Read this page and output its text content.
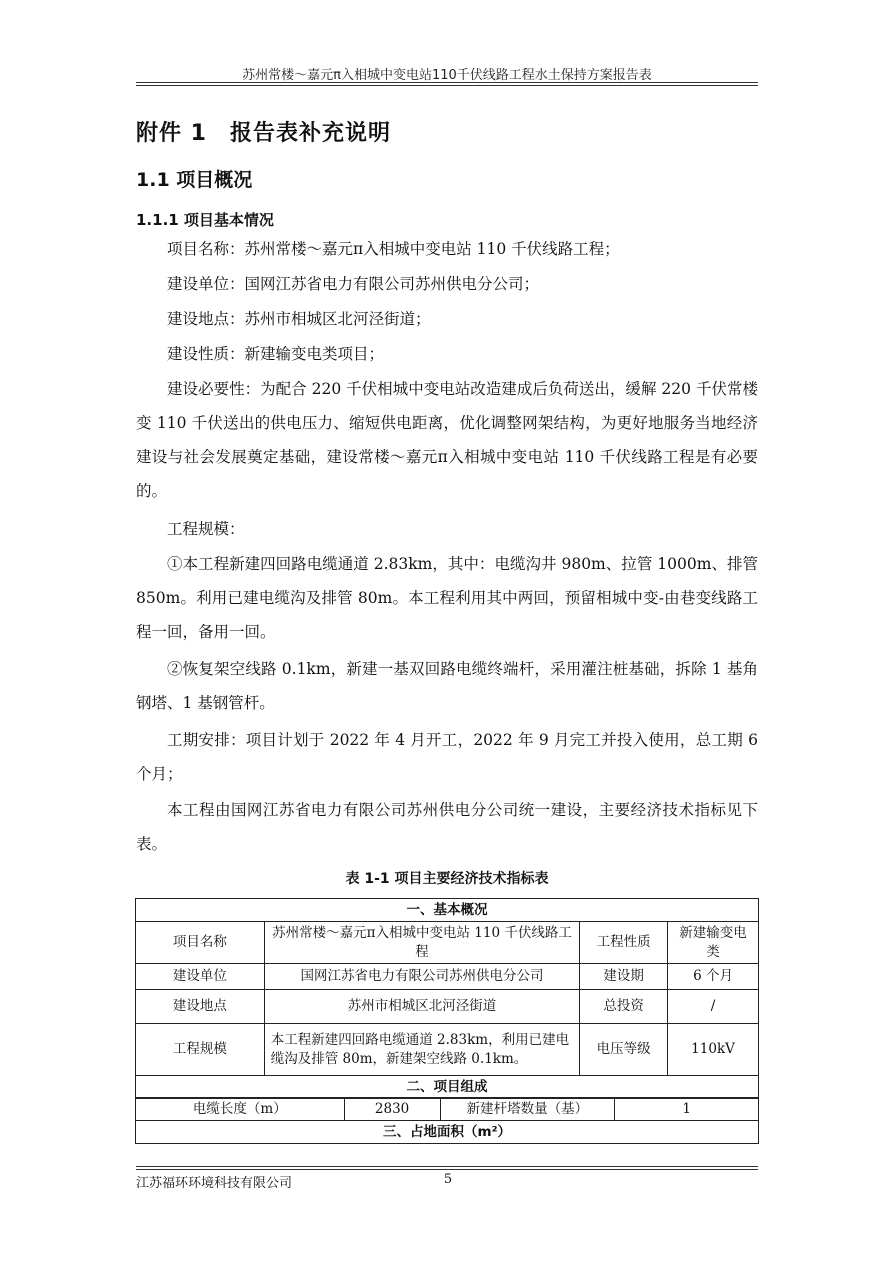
苏州常楼～嘉元π入相城中变电站110千伏线路工程水土保持方案报告表
附件 1　报告表补充说明
1.1 项目概况
1.1.1 项目基本情况
项目名称：苏州常楼～嘉元π入相城中变电站 110 千伏线路工程；
建设单位：国网江苏省电力有限公司苏州供电分公司；
建设地点：苏州市相城区北河泾街道；
建设性质：新建输变电类项目；
建设必要性：为配合 220 千伏相城中变电站改造建成后负荷送出，缓解 220 千伏常楼变 110 千伏送出的供电压力、缩短供电距离，优化调整网架结构，为更好地服务当地经济建设与社会发展奠定基础，建设常楼～嘉元π入相城中变电站 110 千伏线路工程是有必要的。
工程规模：
①本工程新建四回路电缆通道 2.83km，其中：电缆沟井 980m、拉管 1000m、排管 850m。利用已建电缆沟及排管 80m。本工程利用其中两回，预留相城中变-由巷变线路工程一回，备用一回。
②恢复架空线路 0.1km，新建一基双回路电缆终端杆，采用灌注桩基础，拆除 1 基角钢塔、1 基钢管杆。
工期安排：项目计划于 2022 年 4 月开工，2022 年 9 月完工并投入使用，总工期 6 个月；
本工程由国网江苏省电力有限公司苏州供电分公司统一建设，主要经济技术指标见下表。
表 1-1 项目主要经济技术指标表
一、基本概况			
项目名称	苏州常楼～嘉元π入相城中变电站 110 千伏线路工程	工程性质	新建输变电类
建设单位	国网江苏省电力有限公司苏州供电分公司	建设期	6 个月
建设地点	苏州市相城区北河泾街道	总投资	/
工程规模	本工程新建四回路电缆通道 2.83km，利用已建电缆沟及排管 80m，新建架空线路 0.1km。	电压等级	110kV
二、项目组成			
电缆长度（m）	2830	新建杆塔数量（基）	1
三、占地面积（m²）
江苏福环环境科技有限公司	5
